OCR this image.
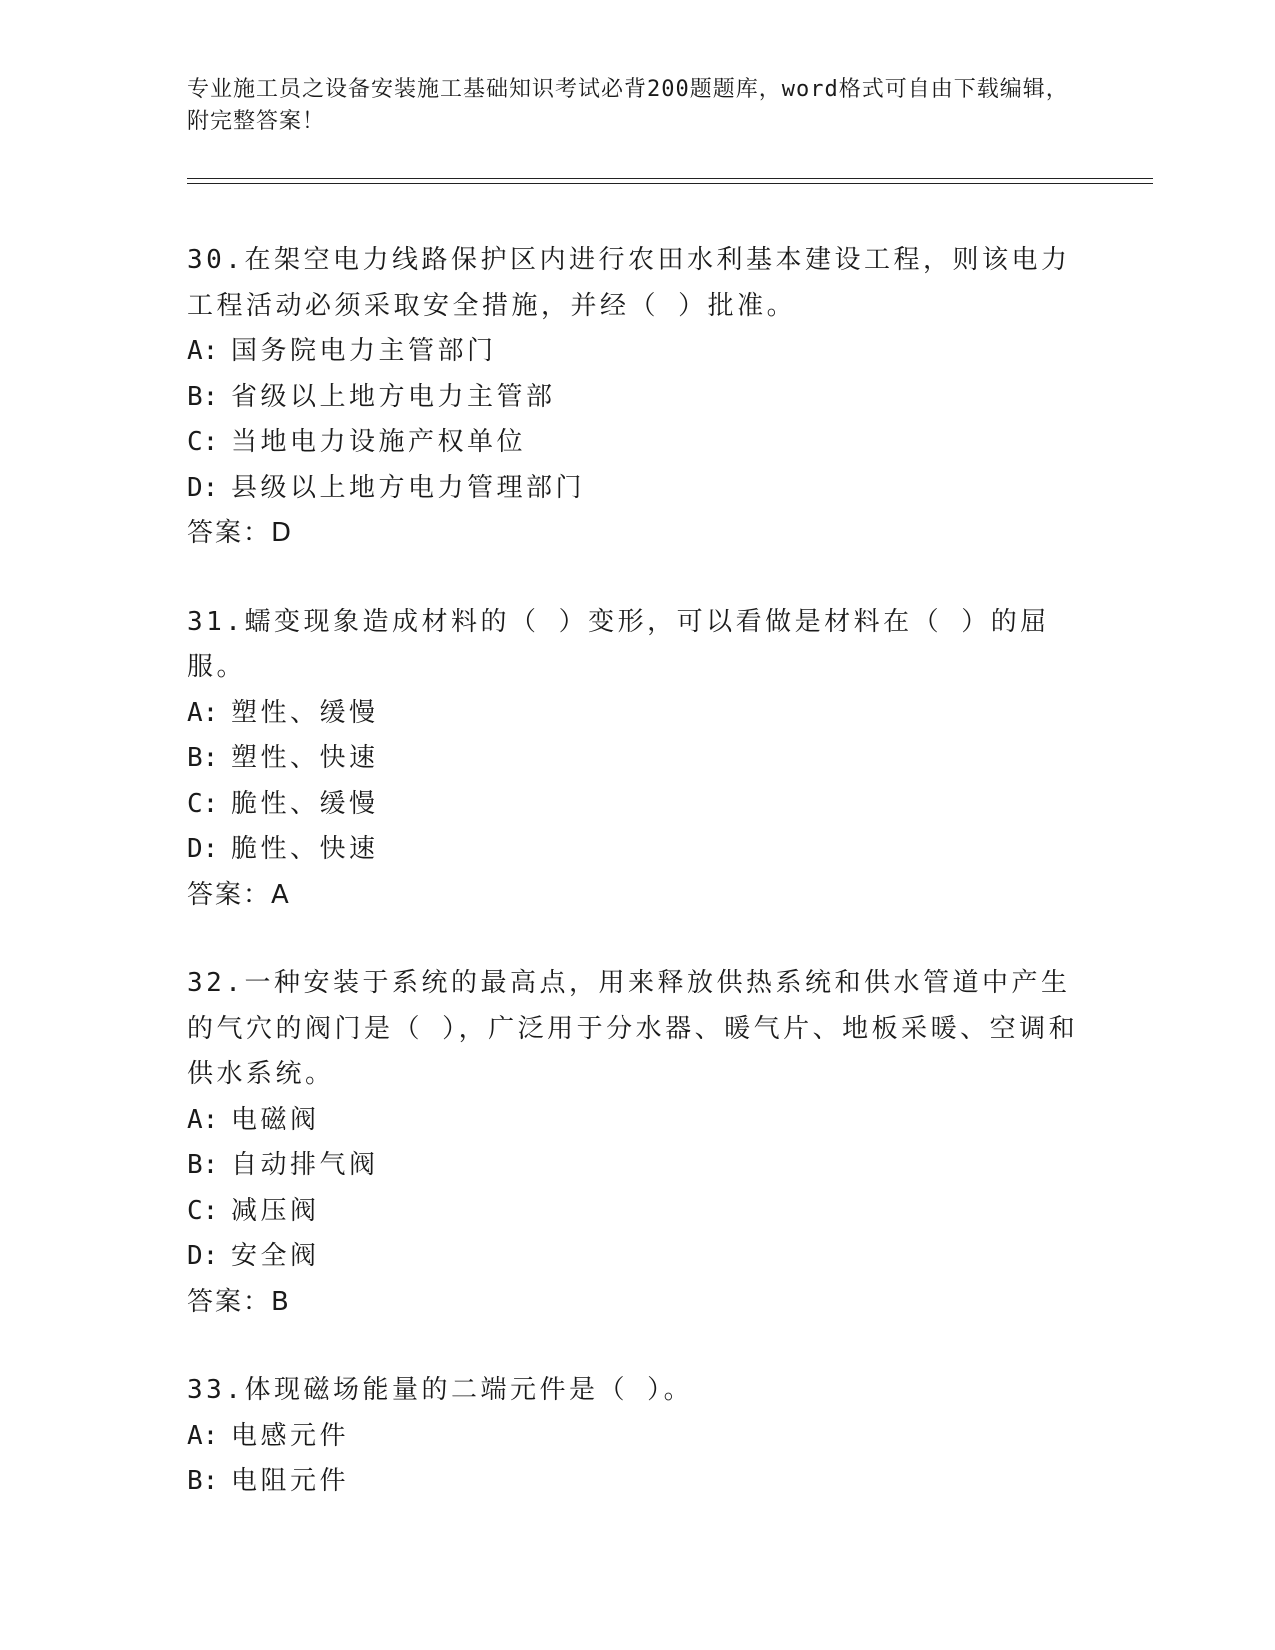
专业施工员之设备安装施工基础知识考试必背200题题库，word格式可自由下载编辑，附完整答案！
30.在架空电力线路保护区内进行农田水利基本建设工程，则该电力工程活动必须采取安全措施，并经（ ）批准。
A: 国务院电力主管部门
B: 省级以上地方电力主管部
C: 当地电力设施产权单位
D: 县级以上地方电力管理部门
答案：D
31.蠕变现象造成材料的（ ）变形，可以看做是材料在（ ）的屈服。
A: 塑性、缓慢
B: 塑性、快速
C: 脆性、缓慢
D: 脆性、快速
答案：A
32.一种安装于系统的最高点，用来释放供热系统和供水管道中产生的气穴的阀门是（ ），广泛用于分水器、暖气片、地板采暖、空调和供水系统。
A: 电磁阀
B: 自动排气阀
C: 减压阀
D: 安全阀
答案：B
33.体现磁场能量的二端元件是（ ）。
A: 电感元件
B: 电阻元件
